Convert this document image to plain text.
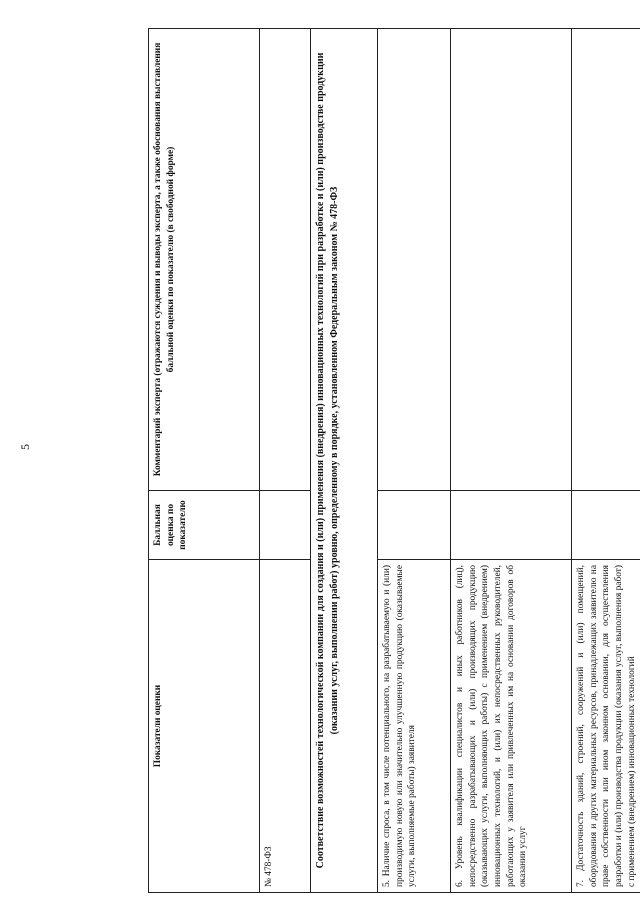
5
Показатели оценки	Балльная оценка по показателю	Комментарий эксперта (отражаются суждения и выводы эксперта, а также обоснования выставления балльной оценки по показателю (в свободной форме)
№ 478-ФЗ		
Соответствие возможностей технологической компании для создания и (или) применения (внедрения) инновационных технологий при разработке и (или) производстве продукции (оказании услуг, выполнении работ) уровню, определенному в порядке, установленном Федеральным законом № 478-ФЗ		
5. Наличие спроса, в том числе потенциального, на разрабатываемую и (или) производимую новую или значительно улучшенную продукцию (оказываемые услуги, выполняемые работы) заявителя		
6. Уровень квалификации специалистов и иных работников (лиц), непосредственно разрабатывающих и (или) производящих продукцию (оказывающих услуги, выполняющих работы) с применением (внедрением) инновационных технологий, и (или) их непосредственных руководителей, работающих у заявителя или привлеченных им на основании договоров об оказании услуг		
7. Достаточность зданий, строений, сооружений и (или) помещений, оборудования и других материальных ресурсов, принадлежащих заявителю на праве собственности или ином законном основании, для осуществления разработки и (или) производства продукции (оказания услуг, выполнения работ) с применением (внедрением) инновационных технологий		
